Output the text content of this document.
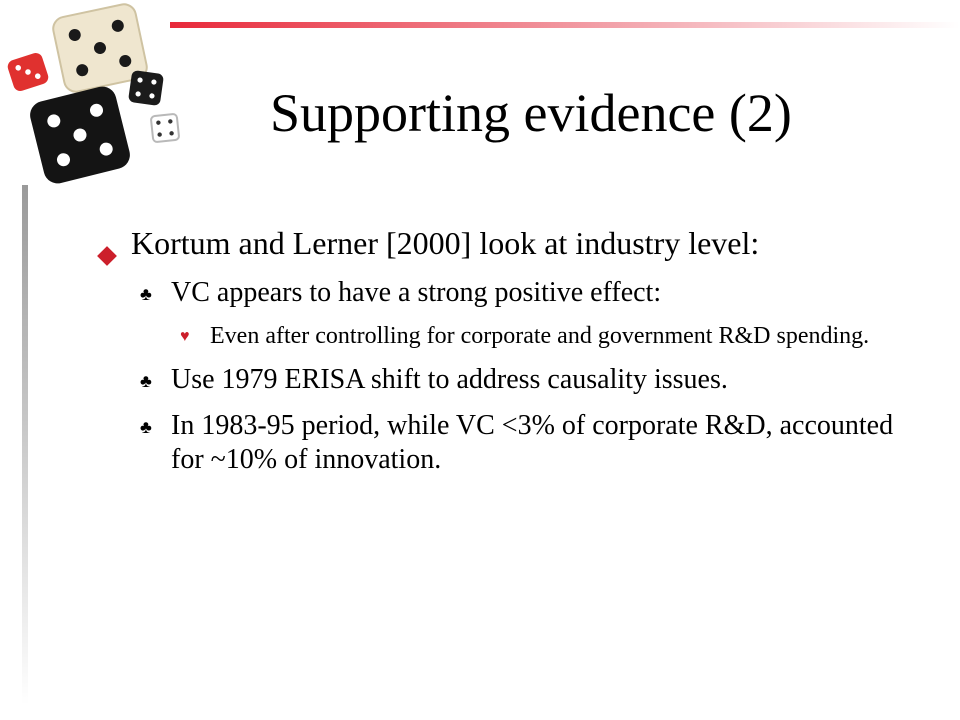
Supporting evidence (2)
Kortum and Lerner [2000] look at industry level:
♣ VC appears to have a strong positive effect:
♥ Even after controlling for corporate and government R&D spending.
♣ Use 1979 ERISA shift to address causality issues.
♣ In 1983-95 period, while VC <3% of corporate R&D, accounted for ~10% of innovation.
